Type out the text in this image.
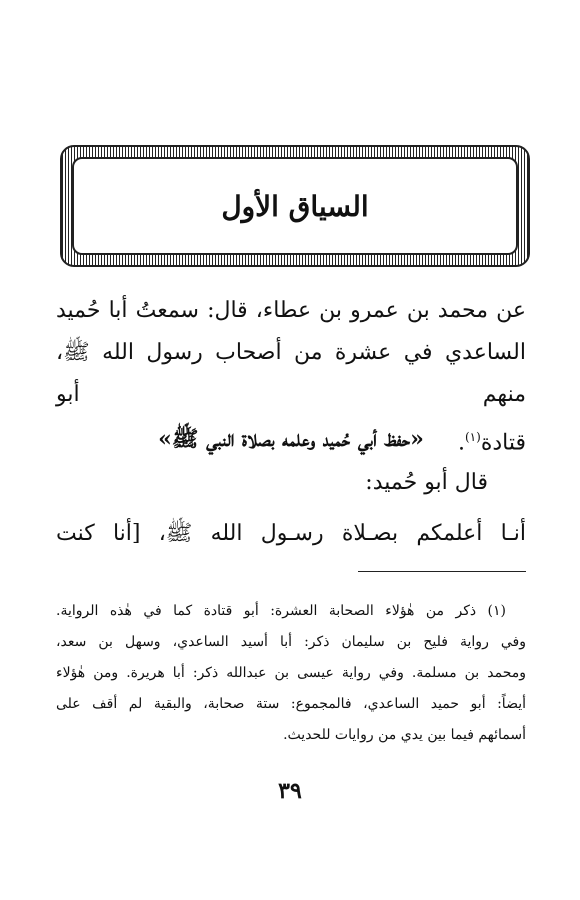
السياق الأول
عن محمد بن عمرو بن عطاء، قال: سمعتُ أبا حُميد
الساعدي في عشرة من أصحاب رسول الله ﷺ، منهم أبو
قتادة$^{(١)}$.
«حفظ أبي حُميد وعلمه بصلاة النبي ﷺ»
قال أبو حُميد:
أنـا أعلمكم بصـلاة رسـول الله ﷺ، [أنا كنت
(١) ذكر من هٰؤلاء الصحابة العشرة: أبو قتادة كما في هٰذه الرواية.
وفي رواية فليح بن سليمان ذكر: أبا أسيد الساعدي، وسهل بن سعد،
ومحمد بن مسلمة. وفي رواية عيسى بن عبدالله ذكر: أبا هريرة. ومن هٰؤلاء
أيضاً: أبو حميد الساعدي، فالمجموع: ستة صحابة، والبقية لم أقف على
أسمائهم فيما بين يدي من روايات للحديث.
٣٩
